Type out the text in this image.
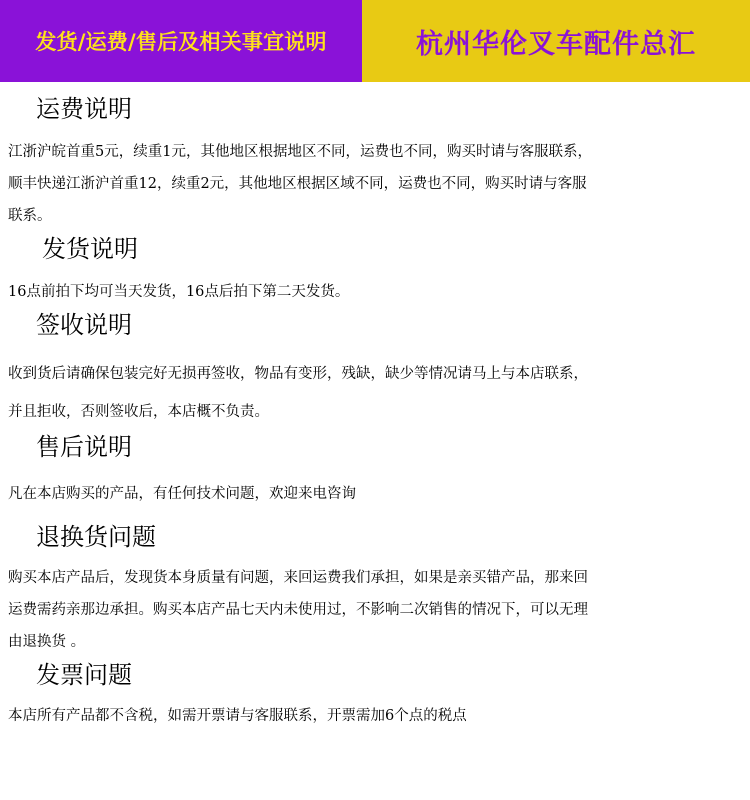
发货/运费/售后及相关事宜说明	杭州华伦叉车配件总汇
运费说明
江浙沪皖首重5元，续重1元，其他地区根据地区不同，运费也不同，购买时请与客服联系，
顺丰快递江浙沪首重12，续重2元，其他地区根据区域不同，运费也不同，购买时请与客服
联系。
发货说明
16点前拍下均可当天发货，16点后拍下第二天发货。
签收说明
收到货后请确保包装完好无损再签收，物品有变形，残缺，缺少等情况请马上与本店联系，
并且拒收，否则签收后，本店概不负责。
售后说明
凡在本店购买的产品，有任何技术问题，欢迎来电咨询
退换货问题
购买本店产品后，发现货本身质量有问题，来回运费我们承担，如果是亲买错产品，那来回
运费需药亲那边承担。购买本店产品七天内未使用过，不影响二次销售的情况下，可以无理
由退换货 。
发票问题
本店所有产品都不含税，如需开票请与客服联系，开票需加6个点的税点
